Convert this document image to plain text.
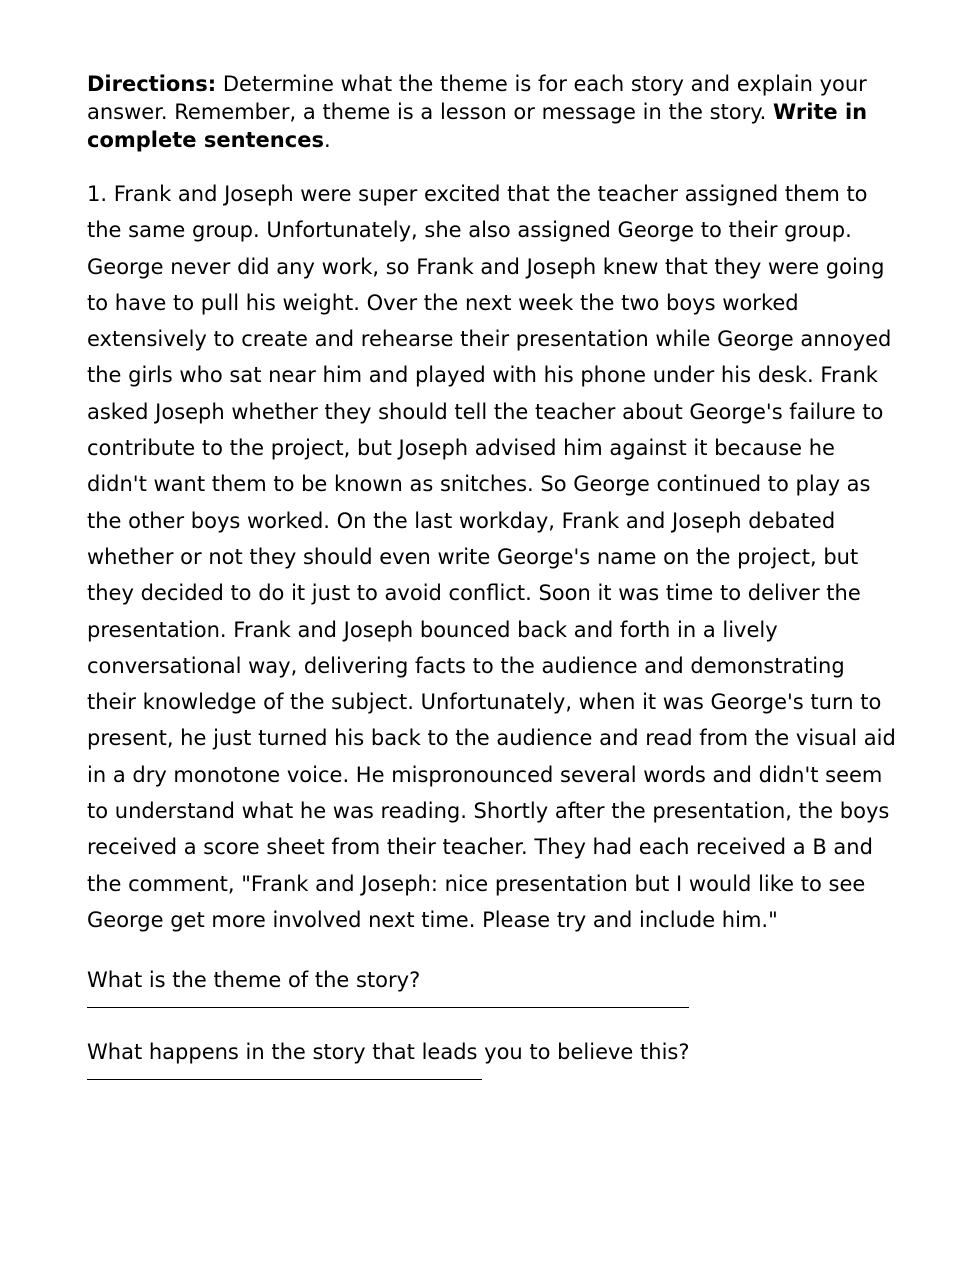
Directions: Determine what the theme is for each story and explain your answer. Remember, a theme is a lesson or message in the story. Write in complete sentences.

1. Frank and Joseph were super excited that the teacher assigned them to the same group. Unfortunately, she also assigned George to their group. George never did any work, so Frank and Joseph knew that they were going to have to pull his weight. Over the next week the two boys worked extensively to create and rehearse their presentation while George annoyed the girls who sat near him and played with his phone under his desk. Frank asked Joseph whether they should tell the teacher about George's failure to contribute to the project, but Joseph advised him against it because he didn't want them to be known as snitches. So George continued to play as the other boys worked. On the last workday, Frank and Joseph debated whether or not they should even write George's name on the project, but they decided to do it just to avoid conflict. Soon it was time to deliver the presentation. Frank and Joseph bounced back and forth in a lively conversational way, delivering facts to the audience and demonstrating their knowledge of the subject. Unfortunately, when it was George's turn to present, he just turned his back to the audience and read from the visual aid in a dry monotone voice. He mispronounced several words and didn't seem to understand what he was reading. Shortly after the presentation, the boys received a score sheet from their teacher. They had each received a B and the comment, "Frank and Joseph: nice presentation but I would like to see George get more involved next time. Please try and include him."

What is the theme of the story?

What happens in the story that leads you to believe this?
